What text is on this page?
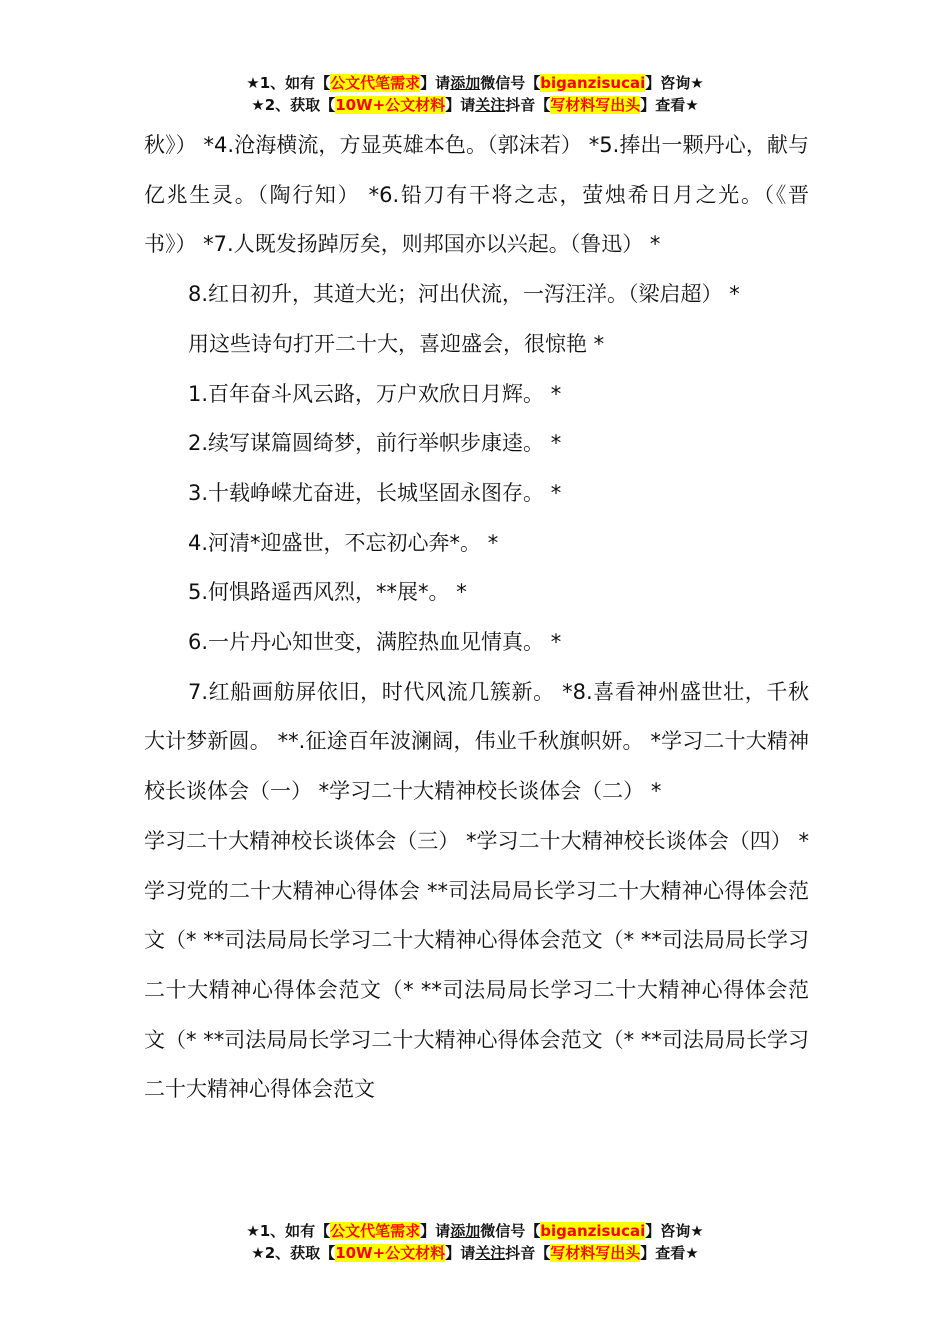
★1、如有【公文代笔需求】请添加微信号【biganzisucai】咨询★
★2、获取【10W+公文材料】请关注抖音【写材料写出头】查看★

秋》） *4.沧海横流，方显英雄本色。（郭沫若） *5.捧出一颗丹心，献与亿兆生灵。（陶行知） *6.铅刀有干将之志，萤烛希日月之光。（《晋书》） *7.人既发扬踔厉矣，则邦国亦以兴起。（鲁迅） *

8.红日初升，其道大光；河出伏流，一泻汪洋。（梁启超） *

用这些诗句打开二十大，喜迎盛会，很惊艳 *

1.百年奋斗风云路，万户欢欣日月辉。 *

2.续写谋篇圆绮梦，前行举帜步康逵。 *

3.十载峥嵘尤奋进，长城坚固永图存。 *

4.河清*迎盛世，不忘初心奔*。 *

5.何惧路遥西风烈，**展*。 *

6.一片丹心知世变，满腔热血见情真。 *

7.红船画舫屏依旧，时代风流几簇新。 *8.喜看神州盛世壮，千秋大计梦新圆。 **.征途百年波澜阔，伟业千秋旗帜妍。 *学习二十大精神校长谈体会（一） *学习二十大精神校长谈体会（二） *

学习二十大精神校长谈体会（三） *学习二十大精神校长谈体会（四） *学习党的二十大精神心得体会 **司法局局长学习二十大精神心得体会范文（* **司法局局长学习二十大精神心得体会范文（* **司法局局长学习二十大精神心得体会范文（* **司法局局长学习二十大精神心得体会范文（* **司法局局长学习二十大精神心得体会范文（* **司法局局长学习二十大精神心得体会范文

★1、如有【公文代笔需求】请添加微信号【biganzisucai】咨询★
★2、获取【10W+公文材料】请关注抖音【写材料写出头】查看★
